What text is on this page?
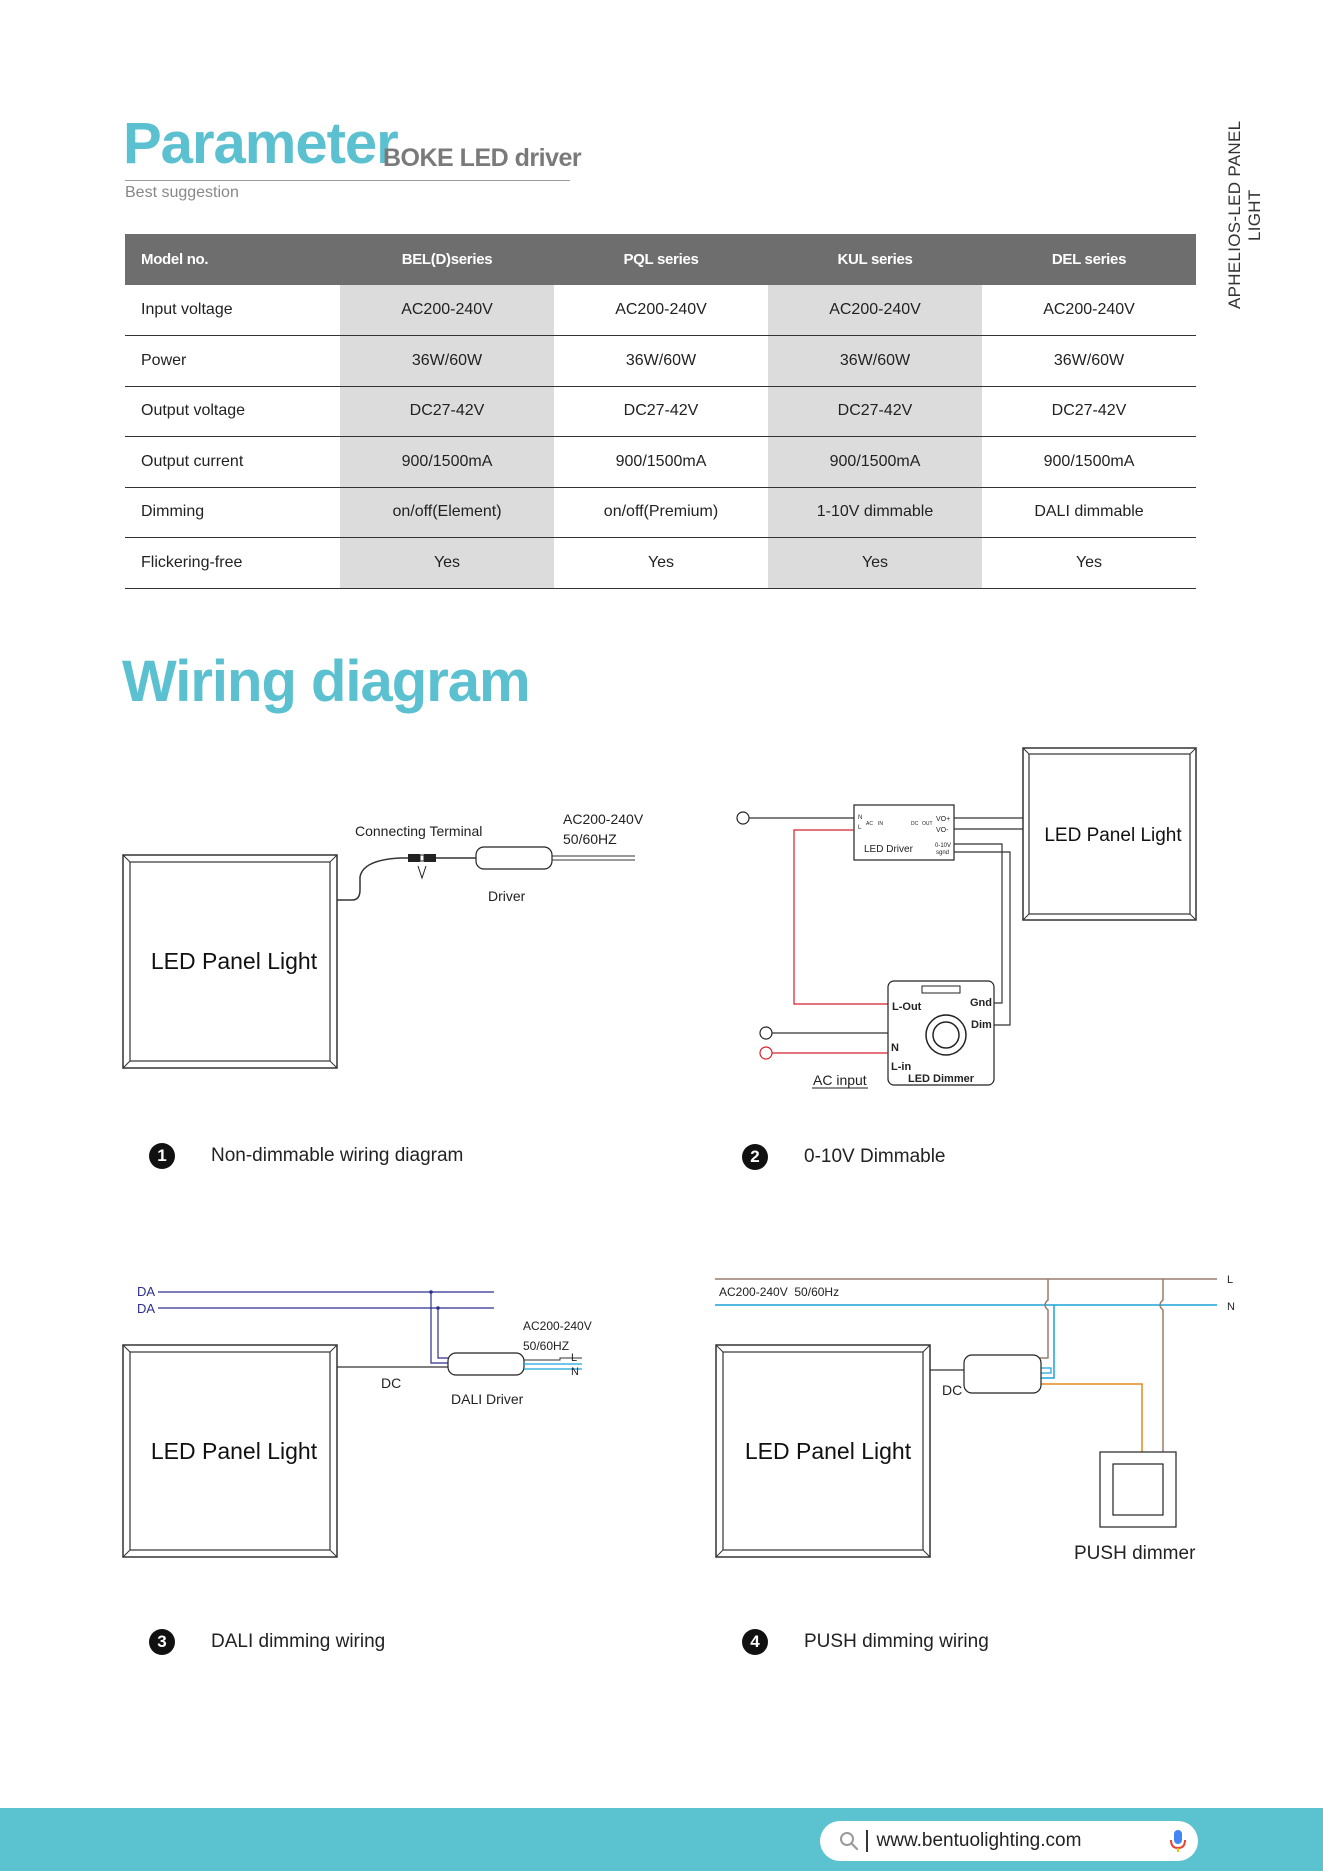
APHELIOS-LED PANEL LIGHT
Parameter
BOKE LED driver
Best suggestion
Model no.	BEL(D)series	PQL series	KUL series	DEL series
Input voltage	AC200-240V	AC200-240V	AC200-240V	AC200-240V
Power	36W/60W	36W/60W	36W/60W	36W/60W
Output voltage	DC27-42V	DC27-42V	DC27-42V	DC27-42V
Output current	900/1500mA	900/1500mA	900/1500mA	900/1500mA
Dimming	on/off(Element)	on/off(Premium)	1-10V dimmable	DALI dimmable
Flickering-free	Yes	Yes	Yes	Yes
Wiring diagram
LED Panel Light
Connecting Terminal
AC200-240V
50/60HZ
Driver
LED Panel Light
N
L
AC IN	DC OUT
VO+
VO-
0-10V
sgnd
LED Driver
L-Out	Gnd
Dim
N
L-in
LED Dimmer
AC input
DA
DA
LED Panel Light
AC200-240V
50/60HZ
L
N
DC
DALI Driver
AC200-240V  50/60Hz
L
N
LED Panel Light
DC
PUSH dimmer
1	Non-dimmable wiring diagram	2	0-10V Dimmable
3	DALI dimming wiring	4	PUSH dimming wiring
www.bentuolighting.com
